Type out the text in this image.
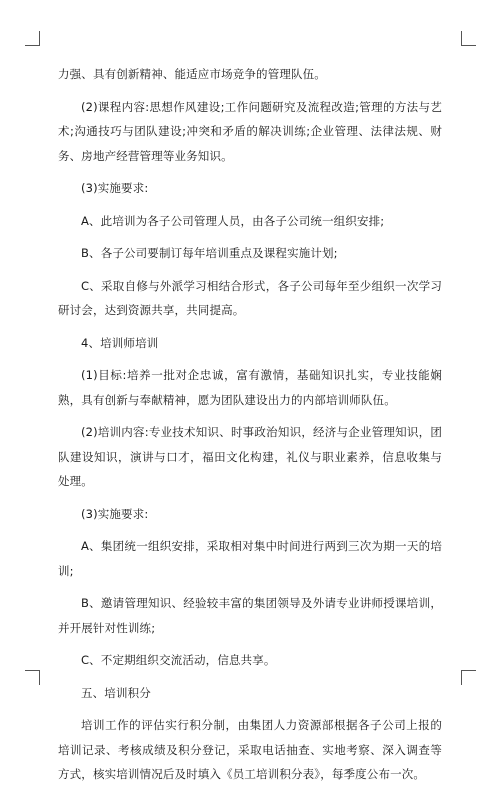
力强、具有创新精神、能适应市场竞争的管理队伍。

(2)课程内容:思想作风建设;工作问题研究及流程改造;管理的方法与艺术;沟通技巧与团队建设;冲突和矛盾的解决训练;企业管理、法律法规、财务、房地产经营管理等业务知识。

(3)实施要求:

A、此培训为各子公司管理人员，由各子公司统一组织安排;

B、各子公司要制订每年培训重点及课程实施计划;

C、采取自修与外派学习相结合形式，各子公司每年至少组织一次学习研讨会，达到资源共享，共同提高。

4、培训师培训

(1)目标:培养一批对企忠诚，富有激情，基础知识扎实，专业技能娴熟，具有创新与奉献精神，愿为团队建设出力的内部培训师队伍。

(2)培训内容:专业技术知识、时事政治知识，经济与企业管理知识，团队建设知识，演讲与口才，福田文化构建，礼仪与职业素养，信息收集与处理。

(3)实施要求:

A、集团统一组织安排，采取相对集中时间进行两到三次为期一天的培训;

B、邀请管理知识、经验较丰富的集团领导及外请专业讲师授课培训，并开展针对性训练;

C、不定期组织交流活动，信息共享。

五、培训积分

培训工作的评估实行积分制，由集团人力资源部根据各子公司上报的培训记录、考核成绩及积分登记，采取电话抽查、实地考察、深入调查等方式，核实培训情况后及时填入《员工培训积分表》，每季度公布一次。
